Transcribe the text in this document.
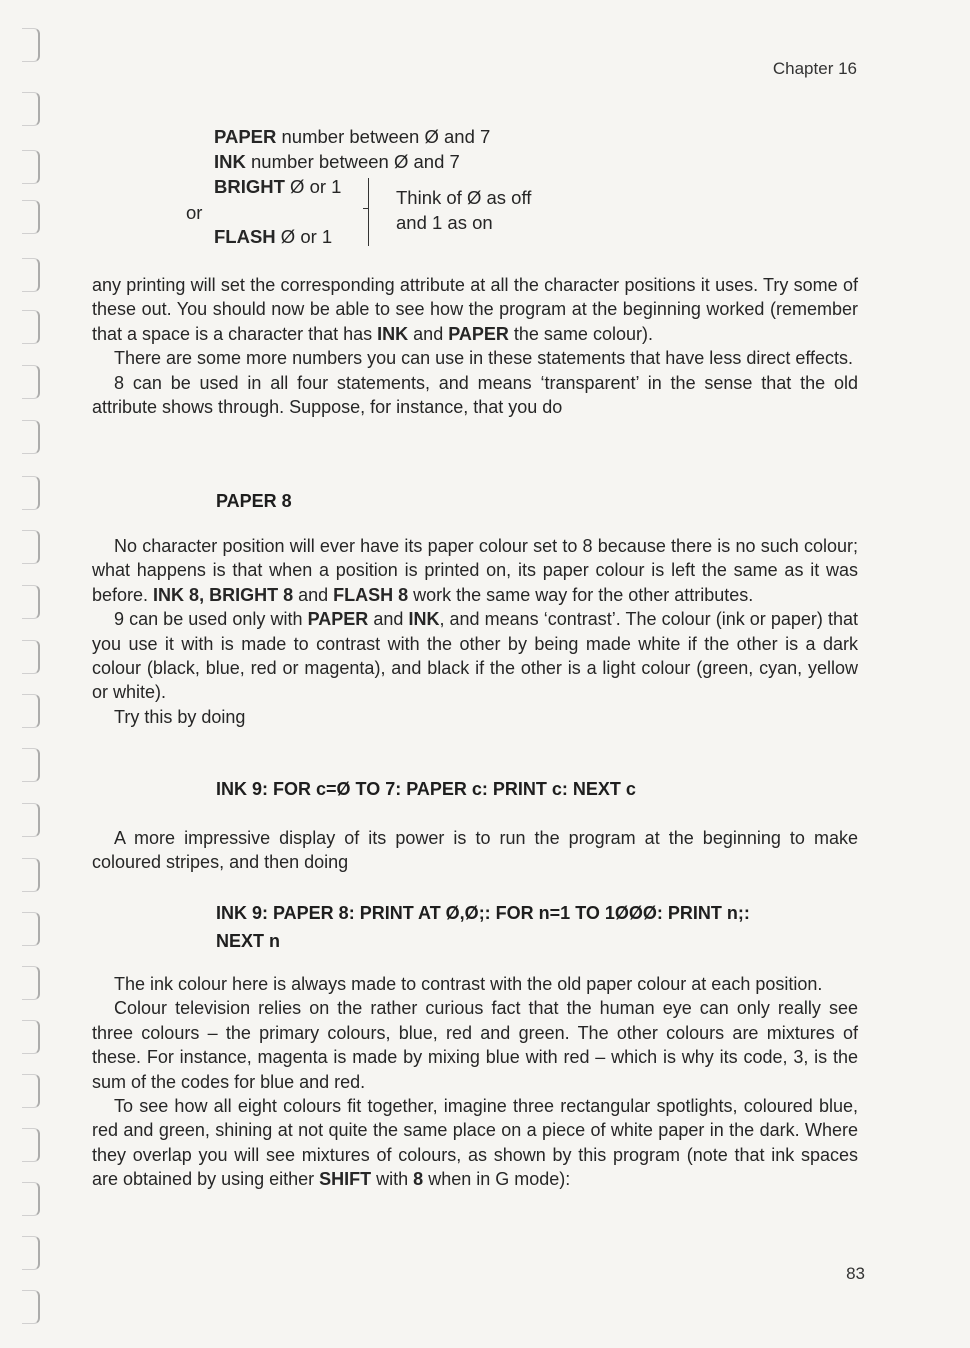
Chapter 16
PAPER number between Ø and 7
INK number between Ø and 7
BRIGHT Ø or 1
or
FLASH Ø or 1
Think of Ø as off
and 1 as on

any printing will set the corresponding attribute at all the character positions it uses. Try some of these out. You should now be able to see how the program at the beginning worked (remember that a space is a character that has INK and PAPER the same colour).

There are some more numbers you can use in these statements that have less direct effects.

8 can be used in all four statements, and means ‘transparent’ in the sense that the old attribute shows through. Suppose, for instance, that you do

PAPER 8

No character position will ever have its paper colour set to 8 because there is no such colour; what happens is that when a position is printed on, its paper colour is left the same as it was before. INK 8, BRIGHT 8 and FLASH 8 work the same way for the other attributes.

9 can be used only with PAPER and INK, and means ‘contrast’. The colour (ink or paper) that you use it with is made to contrast with the other by being made white if the other is a dark colour (black, blue, red or magenta), and black if the other is a light colour (green, cyan, yellow or white).

Try this by doing

INK 9: FOR c=Ø TO 7: PAPER c: PRINT c: NEXT c

A more impressive display of its power is to run the program at the beginning to make coloured stripes, and then doing

INK 9: PAPER 8: PRINT AT Ø,Ø;: FOR n=1 TO 1ØØØ: PRINT n;:
NEXT n

The ink colour here is always made to contrast with the old paper colour at each position.

Colour television relies on the rather curious fact that the human eye can only really see three colours – the primary colours, blue, red and green. The other colours are mixtures of these. For instance, magenta is made by mixing blue with red – which is why its code, 3, is the sum of the codes for blue and red.

To see how all eight colours fit together, imagine three rectangular spotlights, coloured blue, red and green, shining at not quite the same place on a piece of white paper in the dark. Where they overlap you will see mixtures of colours, as shown by this program (note that ink spaces are obtained by using either SHIFT with 8 when in G mode):

83
